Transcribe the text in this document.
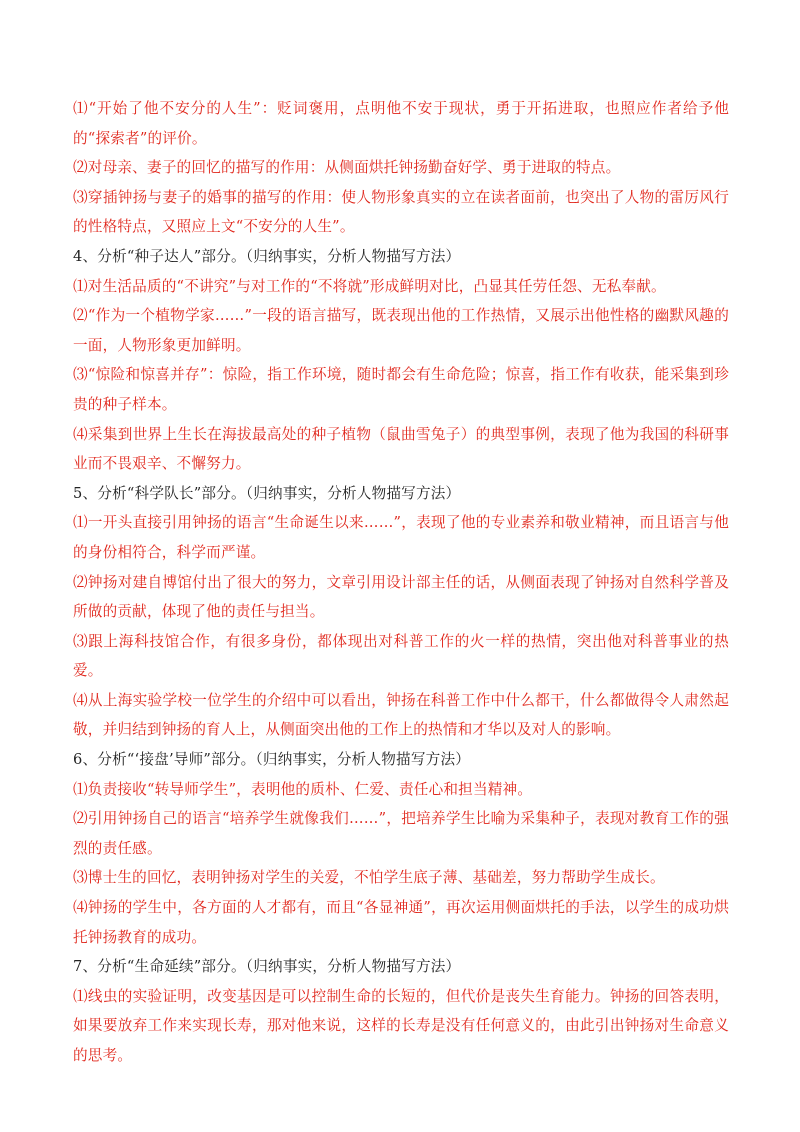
⑴“开始了他不安分的人生”：贬词褒用，点明他不安于现状，勇于开拓进取，也照应作者给予他的“探索者”的评价。

⑵对母亲、妻子的回忆的描写的作用：从侧面烘托钟扬勤奋好学、勇于进取的特点。

⑶穿插钟扬与妻子的婚事的描写的作用：使人物形象真实的立在读者面前，也突出了人物的雷厉风行的性格特点，又照应上文“不安分的人生”。

4、分析“种子达人”部分。（归纳事实，分析人物描写方法）

⑴对生活品质的“不讲究”与对工作的“不将就”形成鲜明对比，凸显其任劳任怨、无私奉献。

⑵“作为一个植物学家……”一段的语言描写，既表现出他的工作热情，又展示出他性格的幽默风趣的一面，人物形象更加鲜明。

⑶“惊险和惊喜并存”：惊险，指工作环境，随时都会有生命危险；惊喜，指工作有收获，能采集到珍贵的种子样本。

⑷采集到世界上生长在海拔最高处的种子植物（鼠曲雪兔子）的典型事例，表现了他为我国的科研事业而不畏艰辛、不懈努力。

5、分析“科学队长”部分。（归纳事实，分析人物描写方法）

⑴一开头直接引用钟扬的语言“生命诞生以来……”，表现了他的专业素养和敬业精神，而且语言与他的身份相符合，科学而严谨。

⑵钟扬对建自博馆付出了很大的努力，文章引用设计部主任的话，从侧面表现了钟扬对自然科学普及所做的贡献，体现了他的责任与担当。

⑶跟上海科技馆合作，有很多身份，都体现出对科普工作的火一样的热情，突出他对科普事业的热爱。

⑷从上海实验学校一位学生的介绍中可以看出，钟扬在科普工作中什么都干，什么都做得令人肃然起敬，并归结到钟扬的育人上，从侧面突出他的工作上的热情和才华以及对人的影响。

6、分析“‘接盘’导师”部分。（归纳事实，分析人物描写方法）

⑴负责接收“转导师学生”，表明他的质朴、仁爱、责任心和担当精神。

⑵引用钟扬自己的语言“培养学生就像我们……”，把培养学生比喻为采集种子，表现对教育工作的强烈的责任感。

⑶博士生的回忆，表明钟扬对学生的关爱，不怕学生底子薄、基础差，努力帮助学生成长。

⑷钟扬的学生中，各方面的人才都有，而且“各显神通”，再次运用侧面烘托的手法，以学生的成功烘托钟扬教育的成功。

7、分析“生命延续”部分。（归纳事实，分析人物描写方法）

⑴线虫的实验证明，改变基因是可以控制生命的长短的，但代价是丧失生育能力。钟扬的回答表明，如果要放弃工作来实现长寿，那对他来说，这样的长寿是没有任何意义的，由此引出钟扬对生命意义的思考。
